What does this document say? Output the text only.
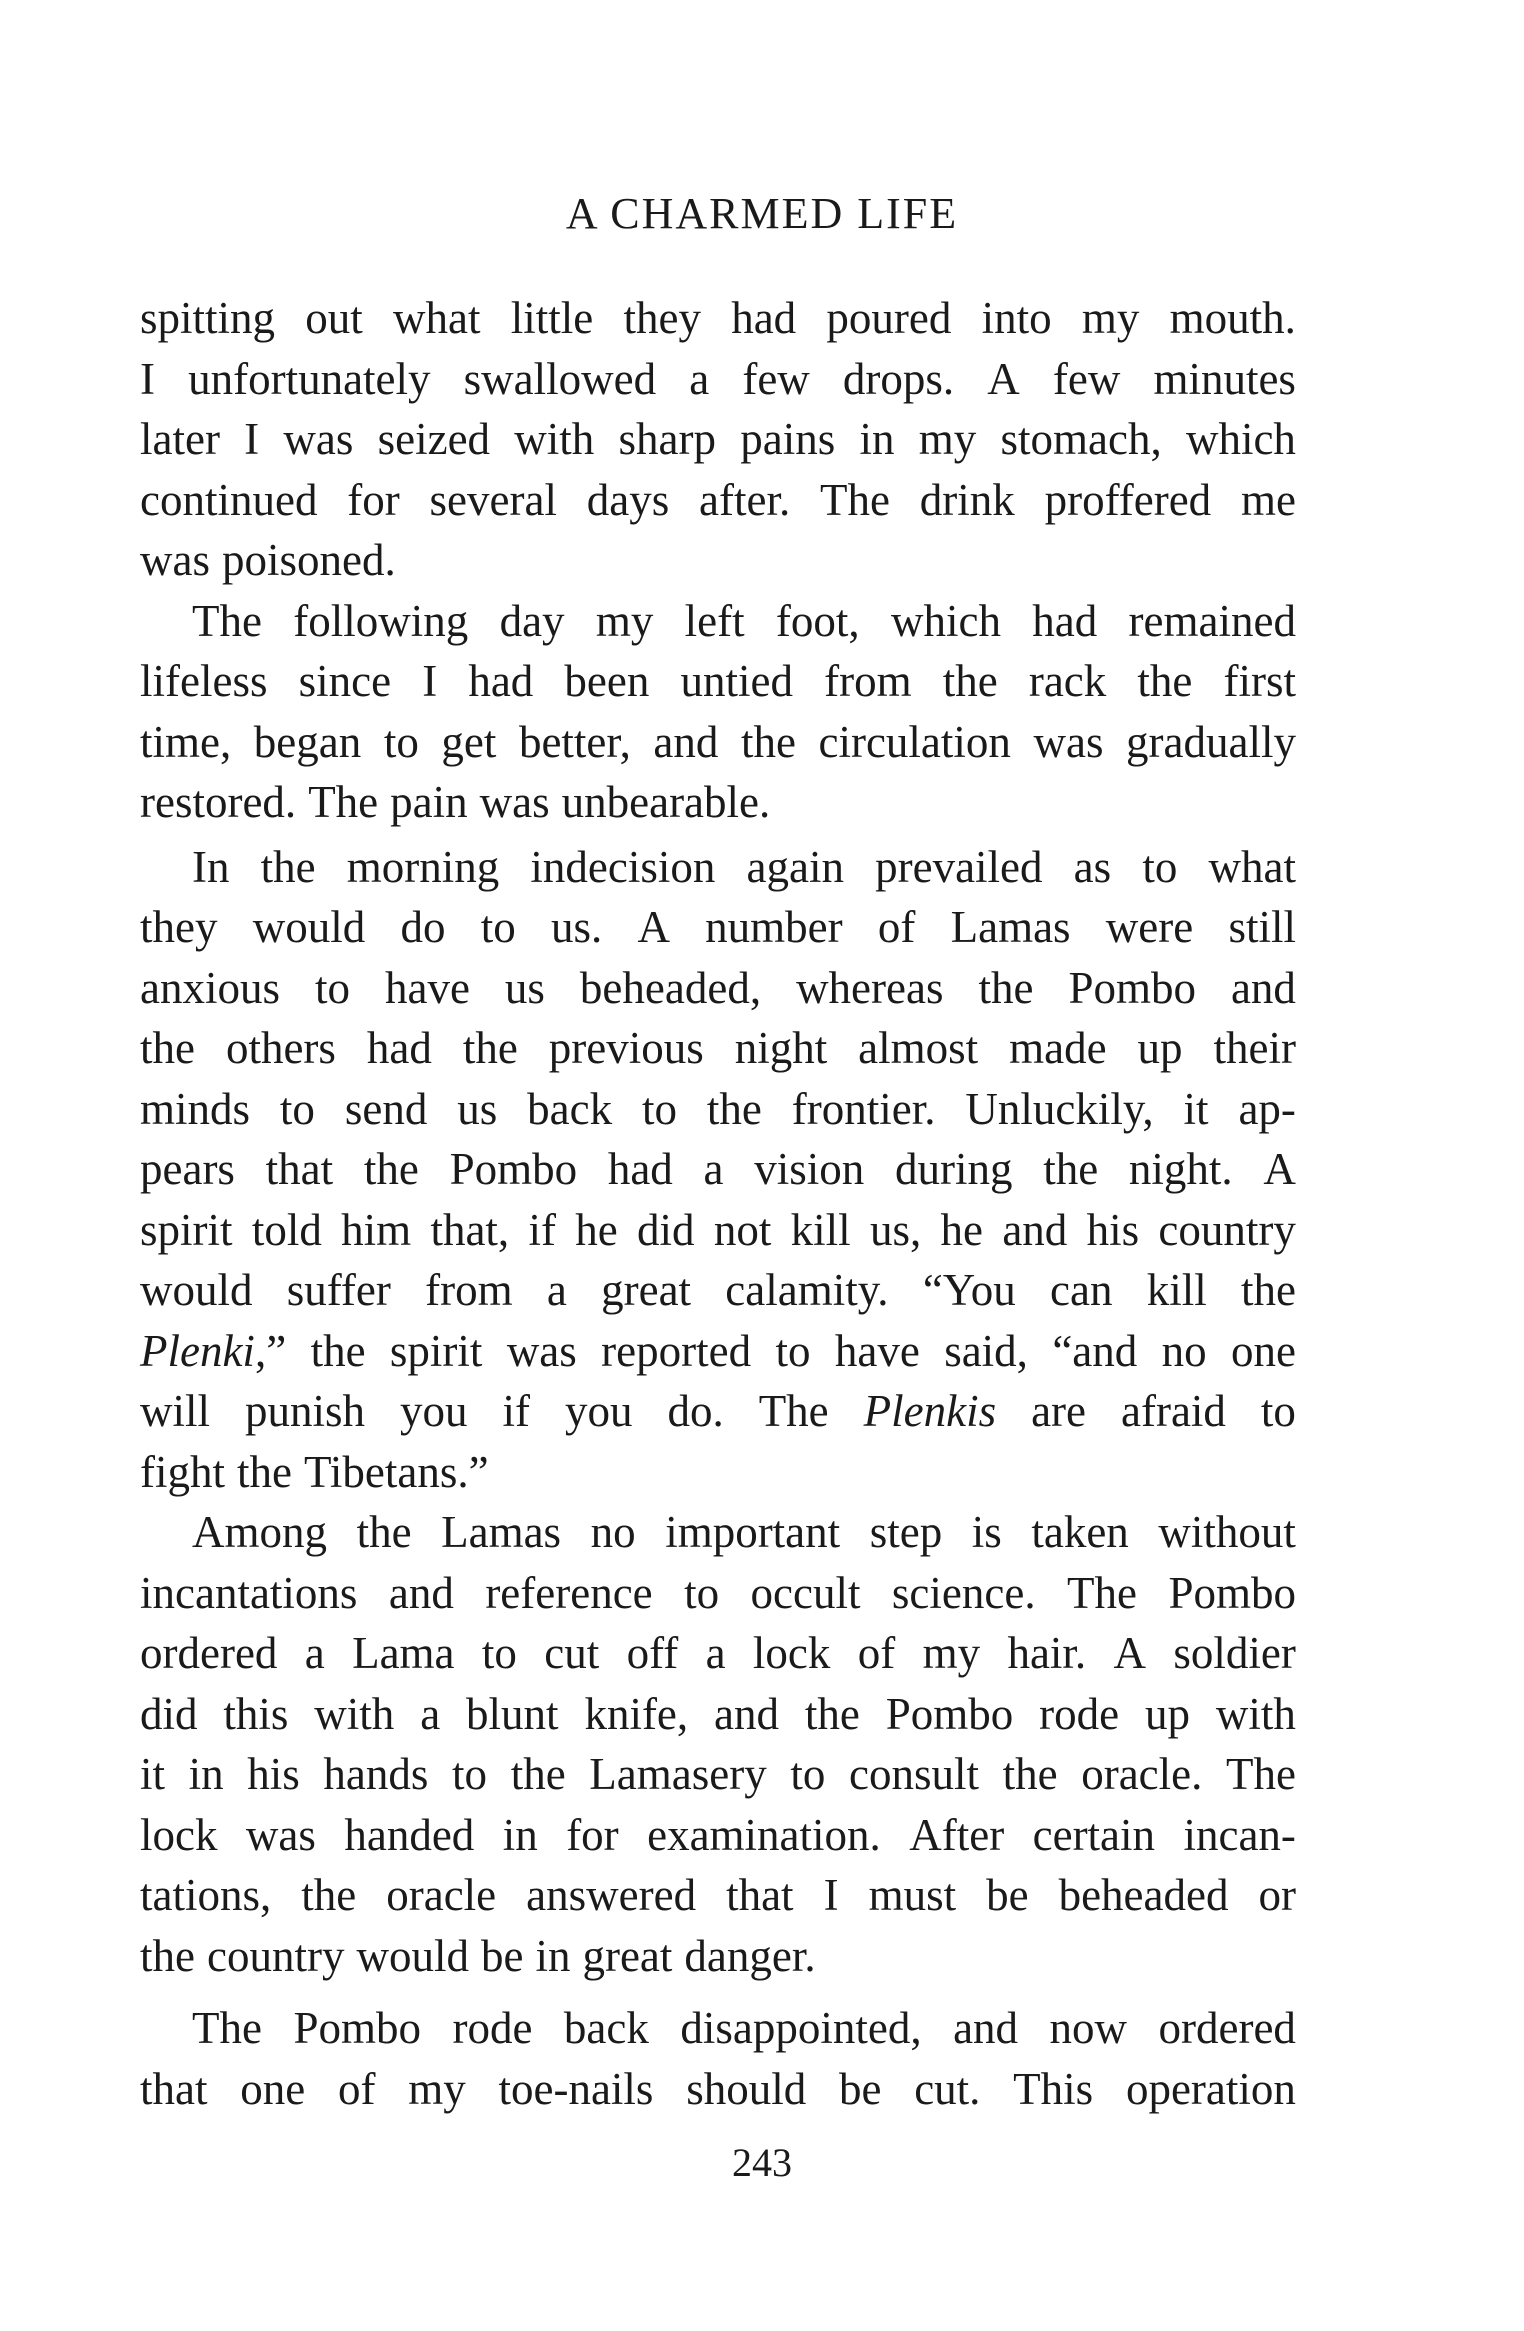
A CHARMED LIFE
spitting out what little they had poured into my mouth.
I unfortunately swallowed a few drops. A few minutes
later I was seized with sharp pains in my stomach, which
continued for several days after. The drink proffered me
was poisoned.
The following day my left foot, which had remained
lifeless since I had been untied from the rack the first
time, began to get better, and the circulation was gradually
restored. The pain was unbearable.
In the morning indecision again prevailed as to what
they would do to us. A number of Lamas were still
anxious to have us beheaded, whereas the Pombo and
the others had the previous night almost made up their
minds to send us back to the frontier. Unluckily, it ap-
pears that the Pombo had a vision during the night. A
spirit told him that, if he did not kill us, he and his country
would suffer from a great calamity. “You can kill the
Plenki,” the spirit was reported to have said, “and no one
will punish you if you do. The Plenkis are afraid to
fight the Tibetans.”
Among the Lamas no important step is taken without
incantations and reference to occult science. The Pombo
ordered a Lama to cut off a lock of my hair. A soldier
did this with a blunt knife, and the Pombo rode up with
it in his hands to the Lamasery to consult the oracle. The
lock was handed in for examination. After certain incan-
tations, the oracle answered that I must be beheaded or
the country would be in great danger.
The Pombo rode back disappointed, and now ordered
that one of my toe-nails should be cut. This operation
243
